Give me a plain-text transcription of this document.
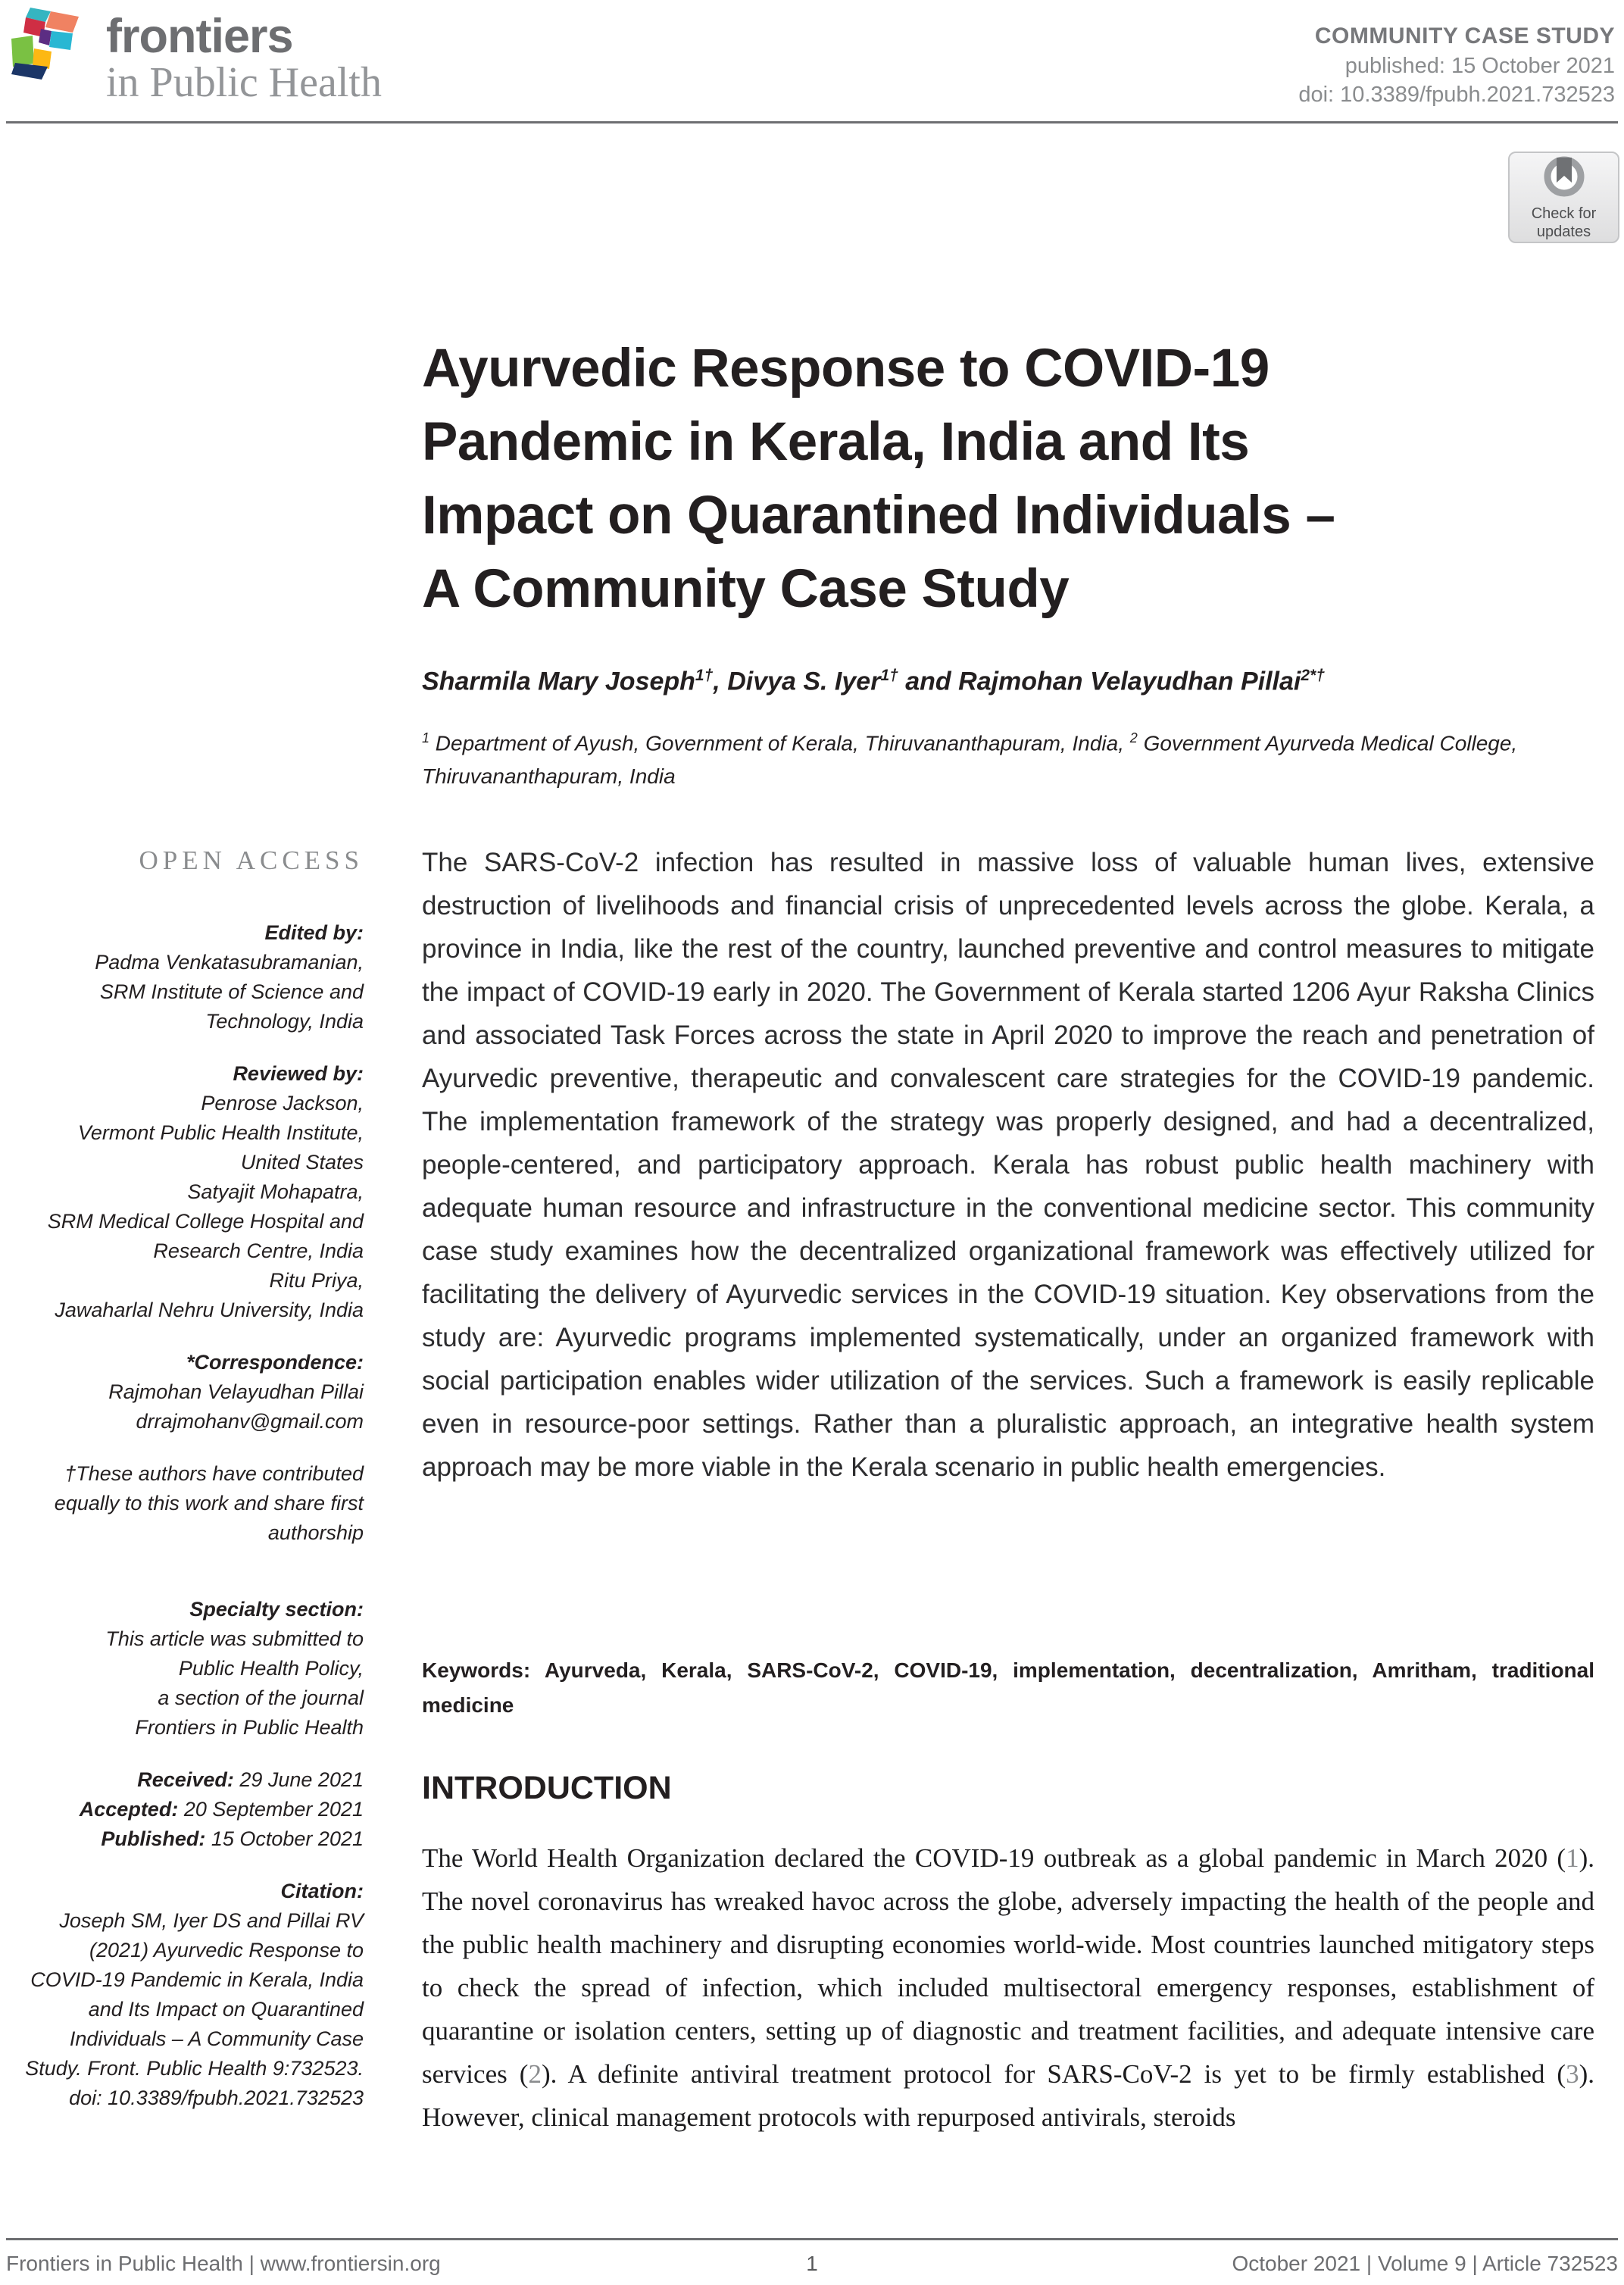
frontiers
in Public Health
COMMUNITY CASE STUDY
published: 15 October 2021
doi: 10.3389/fpubh.2021.732523
Check for
updates
Ayurvedic Response to COVID-19
Pandemic in Kerala, India and Its
Impact on Quarantined Individuals –
A Community Case Study
Sharmila Mary Joseph$^{1\dagger}$, Divya S. Iyer$^{1\dagger}$ and Rajmohan Velayudhan Pillai$^{2*\dagger}$
$^1$ Department of Ayush, Government of Kerala, Thiruvananthapuram, India, $^2$ Government Ayurveda Medical College, Thiruvananthapuram, India
OPEN ACCESS
Edited by:
Padma Venkatasubramanian,
SRM Institute of Science and
Technology, India
Reviewed by:
Penrose Jackson,
Vermont Public Health Institute,
United States
Satyajit Mohapatra,
SRM Medical College Hospital and
Research Centre, India
Ritu Priya,
Jawaharlal Nehru University, India
*Correspondence:
Rajmohan Velayudhan Pillai
drrajmohanv@gmail.com
†These authors have contributed
equally to this work and share first
authorship
Specialty section:
This article was submitted to
Public Health Policy,
a section of the journal
Frontiers in Public Health
Received: 29 June 2021
Accepted: 20 September 2021
Published: 15 October 2021
Citation:
Joseph SM, Iyer DS and Pillai RV
(2021) Ayurvedic Response to
COVID-19 Pandemic in Kerala, India
and Its Impact on Quarantined
Individuals – A Community Case
Study. Front. Public Health 9:732523.
doi: 10.3389/fpubh.2021.732523
The SARS-CoV-2 infection has resulted in massive loss of valuable human lives, extensive destruction of livelihoods and financial crisis of unprecedented levels across the globe. Kerala, a province in India, like the rest of the country, launched preventive and control measures to mitigate the impact of COVID-19 early in 2020. The Government of Kerala started 1206 Ayur Raksha Clinics and associated Task Forces across the state in April 2020 to improve the reach and penetration of Ayurvedic preventive, therapeutic and convalescent care strategies for the COVID-19 pandemic. The implementation framework of the strategy was properly designed, and had a decentralized, people-centered, and participatory approach. Kerala has robust public health machinery with adequate human resource and infrastructure in the conventional medicine sector. This community case study examines how the decentralized organizational framework was effectively utilized for facilitating the delivery of Ayurvedic services in the COVID-19 situation. Key observations from the study are: Ayurvedic programs implemented systematically, under an organized framework with social participation enables wider utilization of the services. Such a framework is easily replicable even in resource-poor settings. Rather than a pluralistic approach, an integrative health system approach may be more viable in the Kerala scenario in public health emergencies.
Keywords: Ayurveda, Kerala, SARS-CoV-2, COVID-19, implementation, decentralization, Amritham, traditional medicine
INTRODUCTION

The World Health Organization declared the COVID-19 outbreak as a global pandemic in March 2020 (1). The novel coronavirus has wreaked havoc across the globe, adversely impacting the health of the people and the public health machinery and disrupting economies world-wide. Most countries launched mitigatory steps to check the spread of infection, which included multisectoral emergency responses, establishment of quarantine or isolation centers, setting up of diagnostic and treatment facilities, and adequate intensive care services (2). A definite antiviral treatment protocol for SARS-CoV-2 is yet to be firmly established (3). However, clinical management protocols with repurposed antivirals, steroids

Frontiers in Public Health | www.frontiersin.org	1	October 2021 | Volume 9 | Article 732523
